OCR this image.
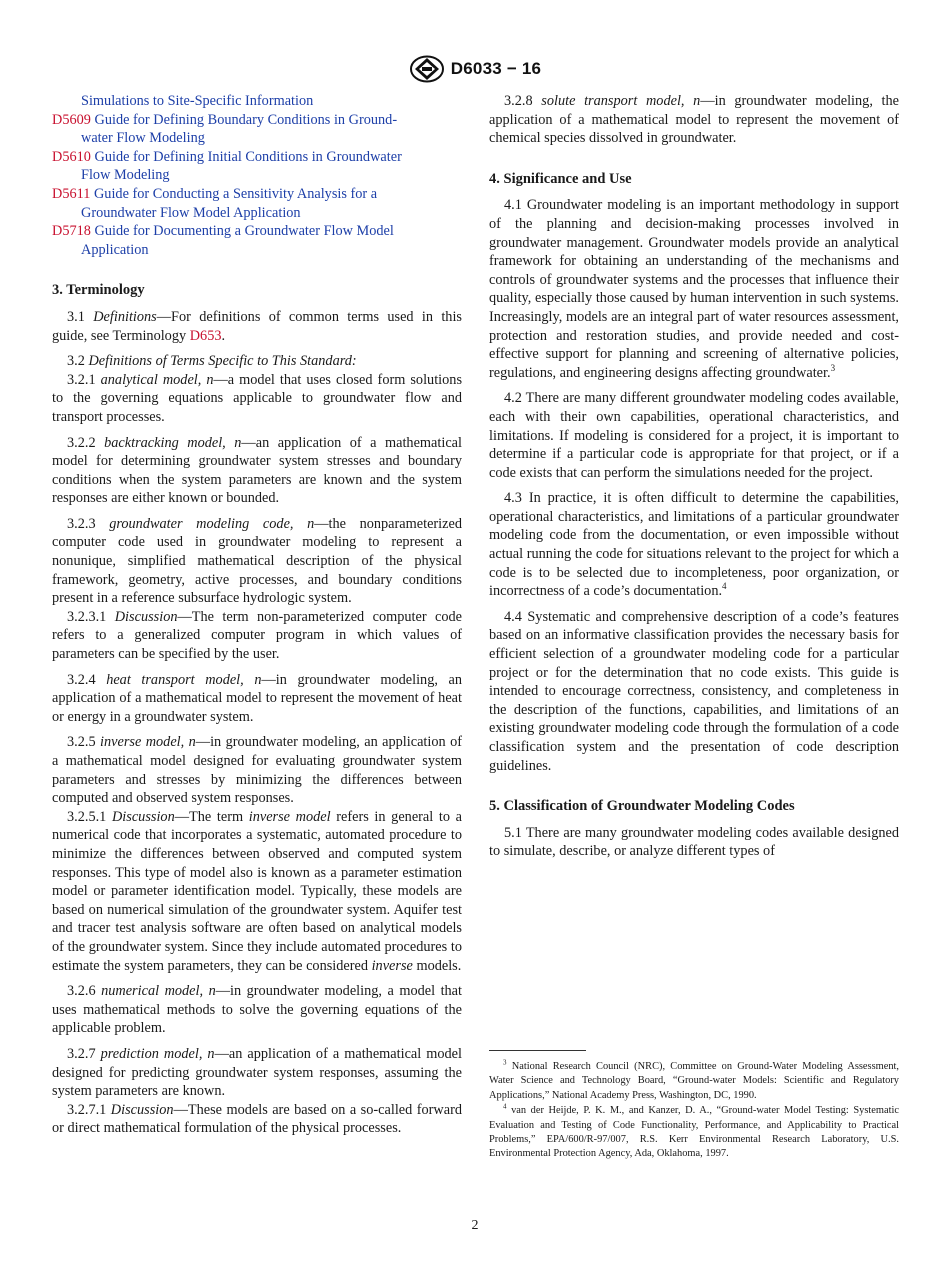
D6033 − 16

Simulations to Site-Specific Information

D5609 Guide for Defining Boundary Conditions in Ground-
water Flow Modeling

D5610 Guide for Defining Initial Conditions in Groundwater
Flow Modeling

D5611 Guide for Conducting a Sensitivity Analysis for a
Groundwater Flow Model Application

D5718 Guide for Documenting a Groundwater Flow Model
Application

3. Terminology

3.1 Definitions—For definitions of common terms used in this guide, see Terminology D653.

3.2 Definitions of Terms Specific to This Standard:

3.2.1 analytical model, n—a model that uses closed form solutions to the governing equations applicable to groundwater flow and transport processes.

3.2.2 backtracking model, n—an application of a mathematical model for determining groundwater system stresses and boundary conditions when the system parameters are known and the system responses are either known or bounded.

3.2.3 groundwater modeling code, n—the nonparameterized computer code used in groundwater modeling to represent a nonunique, simplified mathematical description of the physical framework, geometry, active processes, and boundary conditions present in a reference subsurface hydrologic system.

3.2.3.1 Discussion—The term non-parameterized computer code refers to a generalized computer program in which values of parameters can be specified by the user.

3.2.4 heat transport model, n—in groundwater modeling, an application of a mathematical model to represent the movement of heat or energy in a groundwater system.

3.2.5 inverse model, n—in groundwater modeling, an application of a mathematical model designed for evaluating groundwater system parameters and stresses by minimizing the differences between computed and observed system responses.

3.2.5.1 Discussion—The term inverse model refers in general to a numerical code that incorporates a systematic, automated procedure to minimize the differences between observed and computed system responses. This type of model also is known as a parameter estimation model or parameter identification model. Typically, these models are based on numerical simulation of the groundwater system. Aquifer test and tracer test analysis software are often based on analytical models of the groundwater system. Since they include automated procedures to estimate the system parameters, they can be considered inverse models.

3.2.6 numerical model, n—in groundwater modeling, a model that uses mathematical methods to solve the governing equations of the applicable problem.

3.2.7 prediction model, n—an application of a mathematical model designed for predicting groundwater system responses, assuming the system parameters are known.

3.2.7.1 Discussion—These models are based on a so-called forward or direct mathematical formulation of the physical processes.

3.2.8 solute transport model, n—in groundwater modeling, the application of a mathematical model to represent the movement of chemical species dissolved in groundwater.

4. Significance and Use

4.1 Groundwater modeling is an important methodology in support of the planning and decision-making processes involved in groundwater management. Groundwater models provide an analytical framework for obtaining an understanding of the mechanisms and controls of groundwater systems and the processes that influence their quality, especially those caused by human intervention in such systems. Increasingly, models are an integral part of water resources assessment, protection and restoration studies, and provide needed and cost-effective support for planning and screening of alternative policies, regulations, and engineering designs affecting groundwater.$^3$

4.2 There are many different groundwater modeling codes available, each with their own capabilities, operational characteristics, and limitations. If modeling is considered for a project, it is important to determine if a particular code is appropriate for that project, or if a code exists that can perform the simulations needed for the project.

4.3 In practice, it is often difficult to determine the capabilities, operational characteristics, and limitations of a particular groundwater modeling code from the documentation, or even impossible without actual running the code for situations relevant to the project for which a code is to be selected due to incompleteness, poor organization, or incorrectness of a code’s documentation.$^4$

4.4 Systematic and comprehensive description of a code’s features based on an informative classification provides the necessary basis for efficient selection of a groundwater modeling code for a particular project or for the determination that no code exists. This guide is intended to encourage correctness, consistency, and completeness in the description of the functions, capabilities, and limitations of an existing groundwater modeling code through the formulation of a code classification system and the presentation of code description guidelines.

5. Classification of Groundwater Modeling Codes

5.1 There are many groundwater modeling codes available designed to simulate, describe, or analyze different types of

$^3$ National Research Council (NRC), Committee on Ground-Water Modeling Assessment, Water Science and Technology Board, “Ground-water Models: Scientific and Regulatory Applications,” National Academy Press, Washington, DC, 1990.

$^4$ van der Heijde, P. K. M., and Kanzer, D. A., “Ground-water Model Testing: Systematic Evaluation and Testing of Code Functionality, Performance, and Applicability to Practical Problems,” EPA/600/R-97/007, R.S. Kerr Environmental Research Laboratory, U.S. Environmental Protection Agency, Ada, Oklahoma, 1997.

2
